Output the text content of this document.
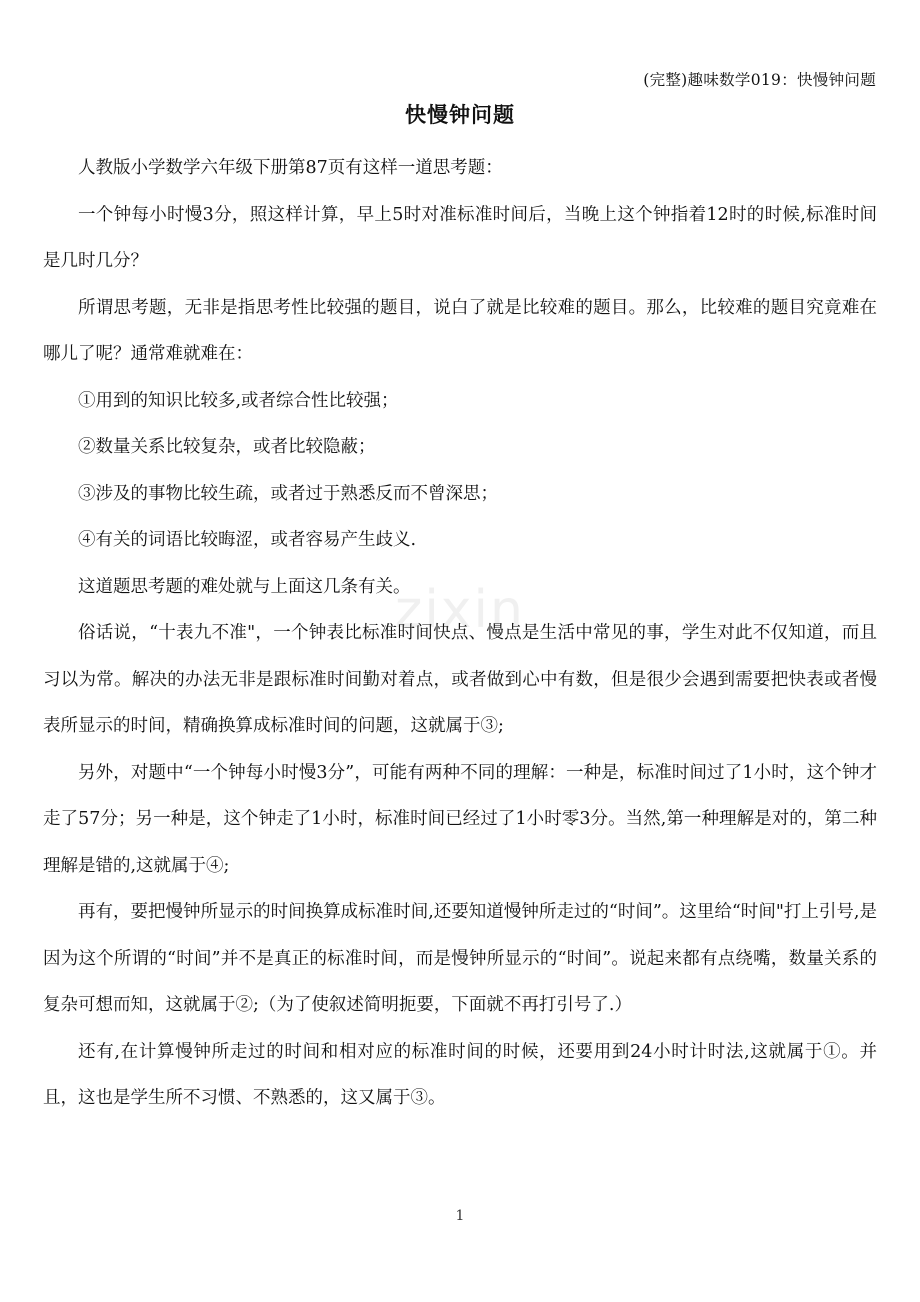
zixin
(完整)趣味数学019：快慢钟问题
快慢钟问题

人教版小学数学六年级下册第87页有这样一道思考题：

一个钟每小时慢3分，照这样计算，早上5时对准标准时间后，当晚上这个钟指着12时的时候,标准时间是几时几分？

所谓思考题，无非是指思考性比较强的题目，说白了就是比较难的题目。那么，比较难的题目究竟难在哪儿了呢？通常难就难在：

①用到的知识比较多,或者综合性比较强；

②数量关系比较复杂，或者比较隐蔽；

③涉及的事物比较生疏，或者过于熟悉反而不曾深思；

④有关的词语比较晦涩，或者容易产生歧义.

这道题思考题的难处就与上面这几条有关。

俗话说，“十表九不准"，一个钟表比标准时间快点、慢点是生活中常见的事，学生对此不仅知道，而且习以为常。解决的办法无非是跟标准时间勤对着点，或者做到心中有数，但是很少会遇到需要把快表或者慢表所显示的时间，精确换算成标准时间的问题，这就属于③;

另外，对题中“一个钟每小时慢3分”，可能有两种不同的理解：一种是，标准时间过了1小时，这个钟才走了57分；另一种是，这个钟走了1小时，标准时间已经过了1小时零3分。当然,第一种理解是对的，第二种理解是错的,这就属于④;

再有，要把慢钟所显示的时间换算成标准时间,还要知道慢钟所走过的“时间”。这里给“时间"打上引号,是因为这个所谓的“时间”并不是真正的标准时间，而是慢钟所显示的“时间”。说起来都有点绕嘴，数量关系的复杂可想而知，这就属于②;（为了使叙述简明扼要，下面就不再打引号了.）

还有,在计算慢钟所走过的时间和相对应的标准时间的时候，还要用到24小时计时法,这就属于①。并且，这也是学生所不习惯、不熟悉的，这又属于③。

1
